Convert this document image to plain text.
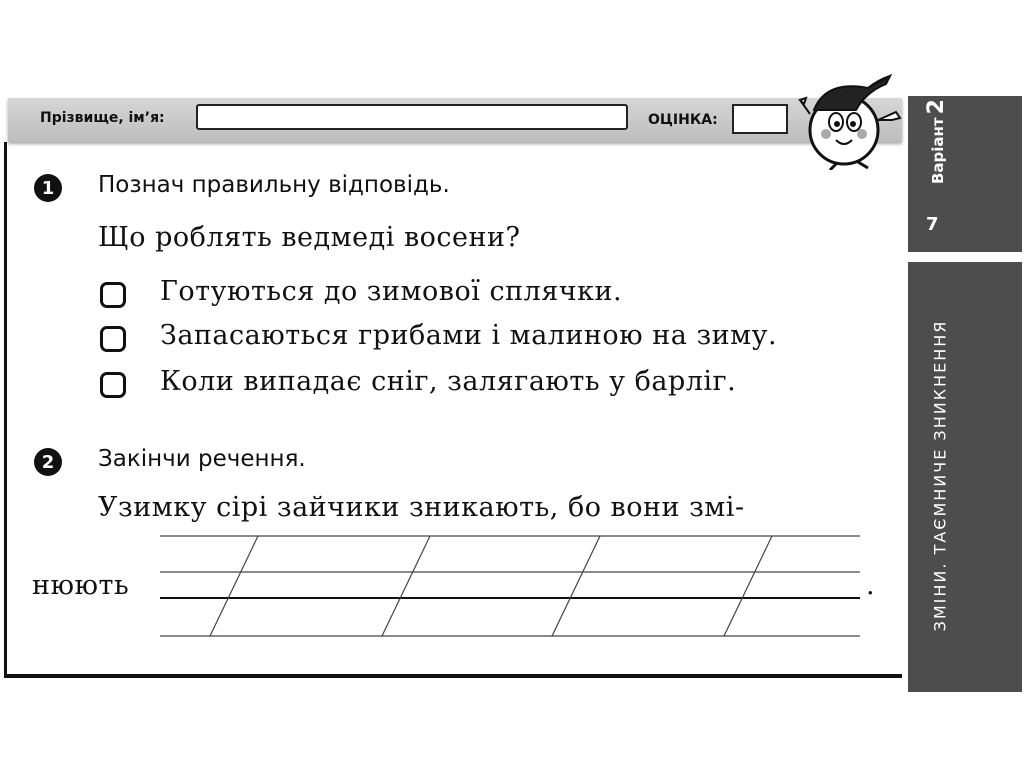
Прізвище, ім’я:	ОЦІНКА:	Варіант
2
7
ЗМІНИ. ТАЄМНИЧЕ ЗНИКНЕННЯ
1	Познач правильну відповідь.
Що роблять ведмеді восени?
Готуються до зимової сплячки.
Запасаються грибами і малиною на зиму.
Коли випадає сніг, залягають у барліг.
2	Закінчи речення.
Узимку сірі зайчики зникають, бо вони змі-
нюють	.
